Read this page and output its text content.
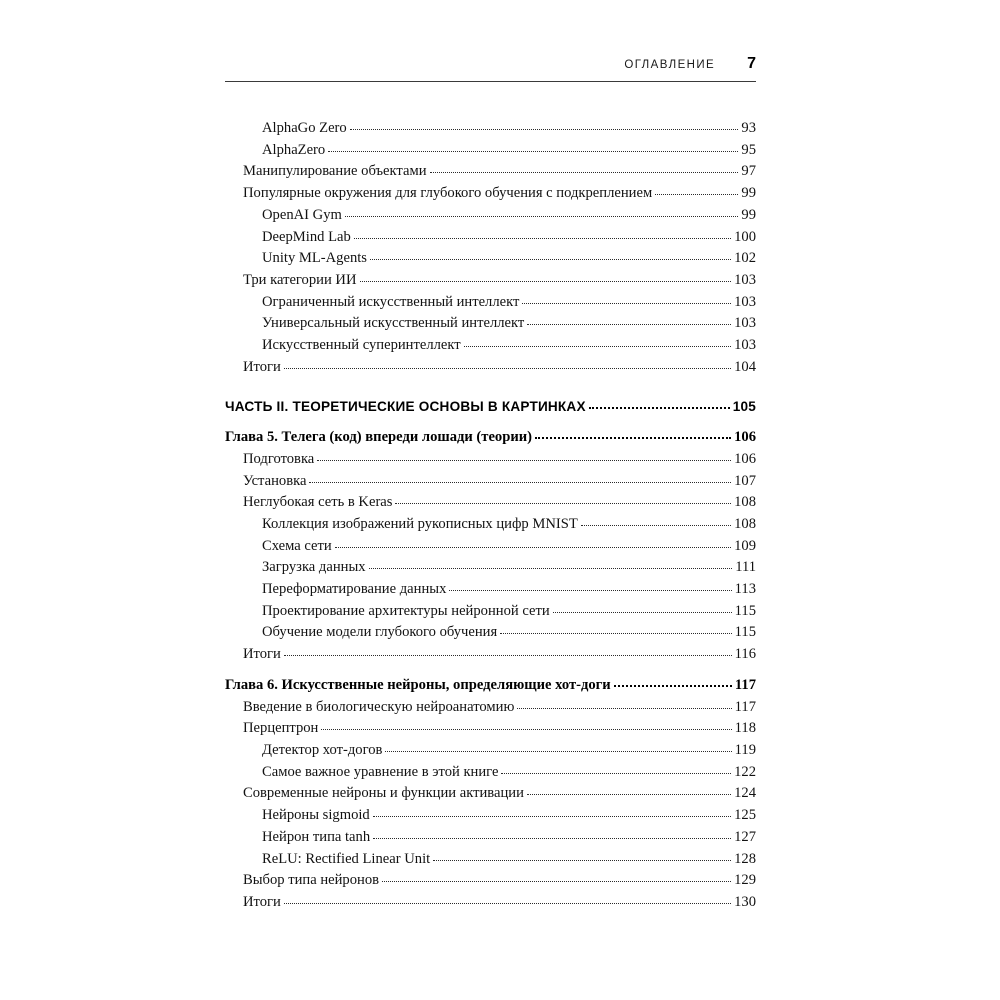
ОГЛАВЛЕНИЕ 7
AlphaGo Zero	93
AlphaZero	95
Манипулирование объектами	97
Популярные окружения для глубокого обучения с подкреплением	99
OpenAI Gym	99
DeepMind Lab	100
Unity ML-Agents	102
Три категории ИИ	103
Ограниченный искусственный интеллект	103
Универсальный искусственный интеллект	103
Искусственный суперинтеллект	103
Итоги	104
ЧАСТЬ II. ТЕОРЕТИЧЕСКИЕ ОСНОВЫ В КАРТИНКАХ	105
Глава 5. Телега (код) впереди лошади (теории)	106
Подготовка	106
Установка	107
Неглубокая сеть в Keras	108
Коллекция изображений рукописных цифр MNIST	108
Схема сети	109
Загрузка данных	111
Переформатирование данных	113
Проектирование архитектуры нейронной сети	115
Обучение модели глубокого обучения	115
Итоги	116
Глава 6. Искусственные нейроны, определяющие хот-доги	117
Введение в биологическую нейроанатомию	117
Перцептрон	118
Детектор хот-догов	119
Самое важное уравнение в этой книге	122
Современные нейроны и функции активации	124
Нейроны sigmoid	125
Нейрон типа tanh	127
ReLU: Rectified Linear Unit	128
Выбор типа нейронов	129
Итоги	130
